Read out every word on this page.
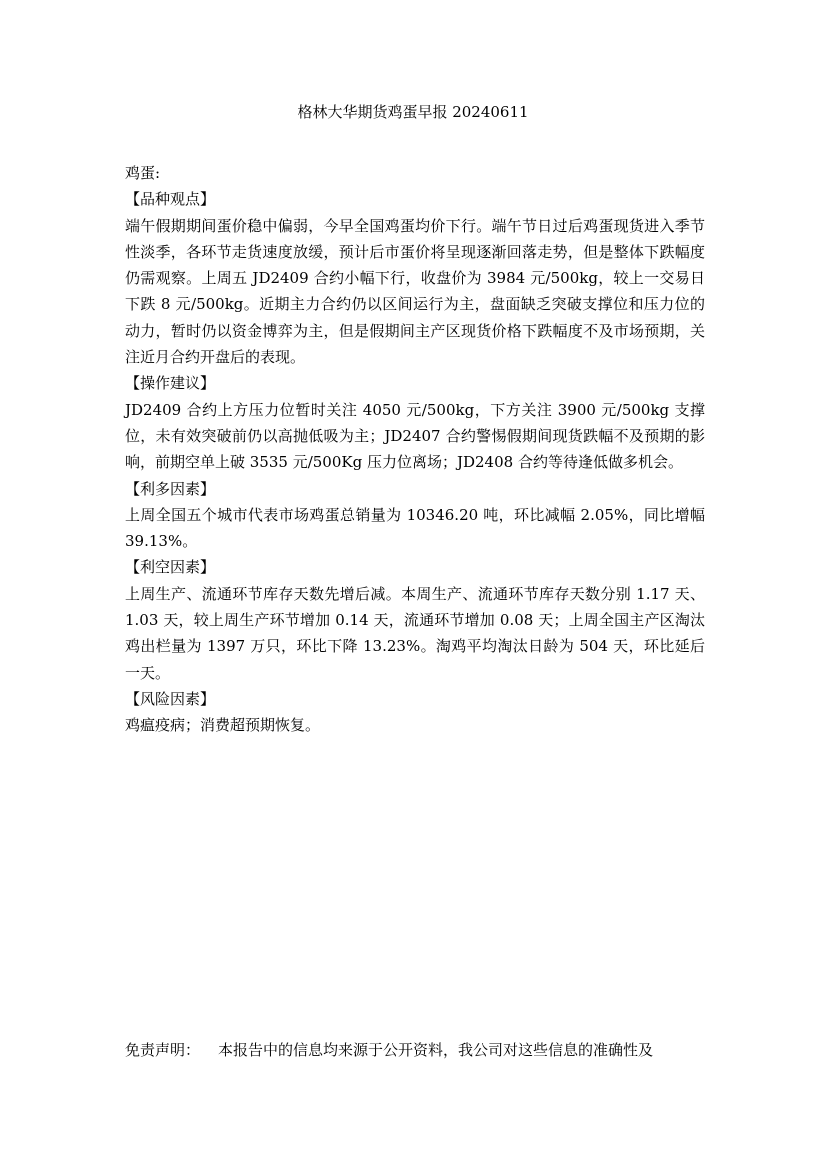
格林大华期货鸡蛋早报 20240611

鸡蛋:

【品种观点】

端午假期期间蛋价稳中偏弱，今早全国鸡蛋均价下行。端午节日过后鸡蛋现货进入季节性淡季，各环节走货速度放缓，预计后市蛋价将呈现逐渐回落走势，但是整体下跌幅度仍需观察。上周五 JD2409 合约小幅下行，收盘价为 3984 元/500kg，较上一交易日下跌 8 元/500kg。近期主力合约仍以区间运行为主，盘面缺乏突破支撑位和压力位的动力，暂时仍以资金博弈为主，但是假期间主产区现货价格下跌幅度不及市场预期，关注近月合约开盘后的表现。

【操作建议】

JD2409 合约上方压力位暂时关注 4050 元/500kg，下方关注 3900 元/500kg 支撑位，未有效突破前仍以高抛低吸为主；JD2407 合约警惕假期间现货跌幅不及预期的影响，前期空单上破 3535 元/500Kg 压力位离场；JD2408 合约等待逢低做多机会。

【利多因素】

上周全国五个城市代表市场鸡蛋总销量为 10346.20 吨，环比减幅 2.05%，同比增幅 39.13%。

【利空因素】

上周生产、流通环节库存天数先增后减。本周生产、流通环节库存天数分别 1.17 天、1.03 天，较上周生产环节增加 0.14 天，流通环节增加 0.08 天；上周全国主产区淘汰鸡出栏量为 1397 万只，环比下降 13.23%。淘鸡平均淘汰日龄为 504 天，环比延后一天。

【风险因素】

鸡瘟疫病；消费超预期恢复。

免责声明： 本报告中的信息均来源于公开资料，我公司对这些信息的准确性及
